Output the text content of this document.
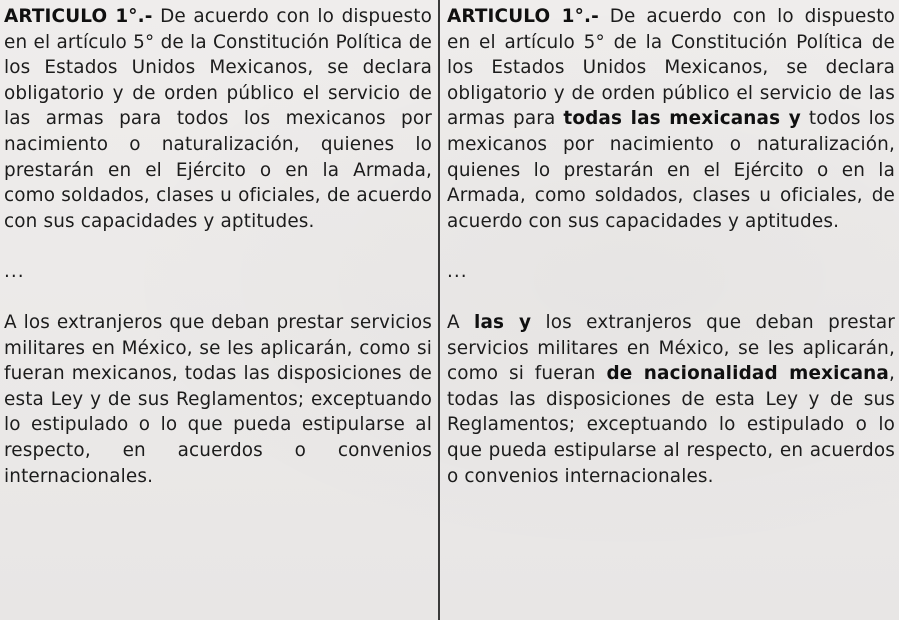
ARTICULO 1°.- De acuerdo con lo dispuesto en el artículo 5° de la Constitución Política de los Estados Unidos Mexicanos, se declara obligatorio y de orden público el servicio de las armas para todos los mexicanos por nacimiento o naturalización, quienes lo prestarán en el Ejército o en la Armada, como soldados, clases u oficiales, de acuerdo con sus capacidades y aptitudes.

...

A los extranjeros que deban prestar servicios militares en México, se les aplicarán, como si fueran mexicanos, todas las disposiciones de esta Ley y de sus Reglamentos; exceptuando lo estipulado o lo que pueda estipularse al respecto, en acuerdos o convenios internacionales.

ARTICULO 1°.- De acuerdo con lo dispuesto en el artículo 5° de la Constitución Política de los Estados Unidos Mexicanos, se declara obligatorio y de orden público el servicio de las armas para todas las mexicanas y todos los mexicanos por nacimiento o naturalización, quienes lo prestarán en el Ejército o en la Armada, como soldados, clases u oficiales, de acuerdo con sus capacidades y aptitudes.

...

A las y los extranjeros que deban prestar servicios militares en México, se les aplicarán, como si fueran de nacionalidad mexicana, todas las disposiciones de esta Ley y de sus Reglamentos; exceptuando lo estipulado o lo que pueda estipularse al respecto, en acuerdos o convenios internacionales.
